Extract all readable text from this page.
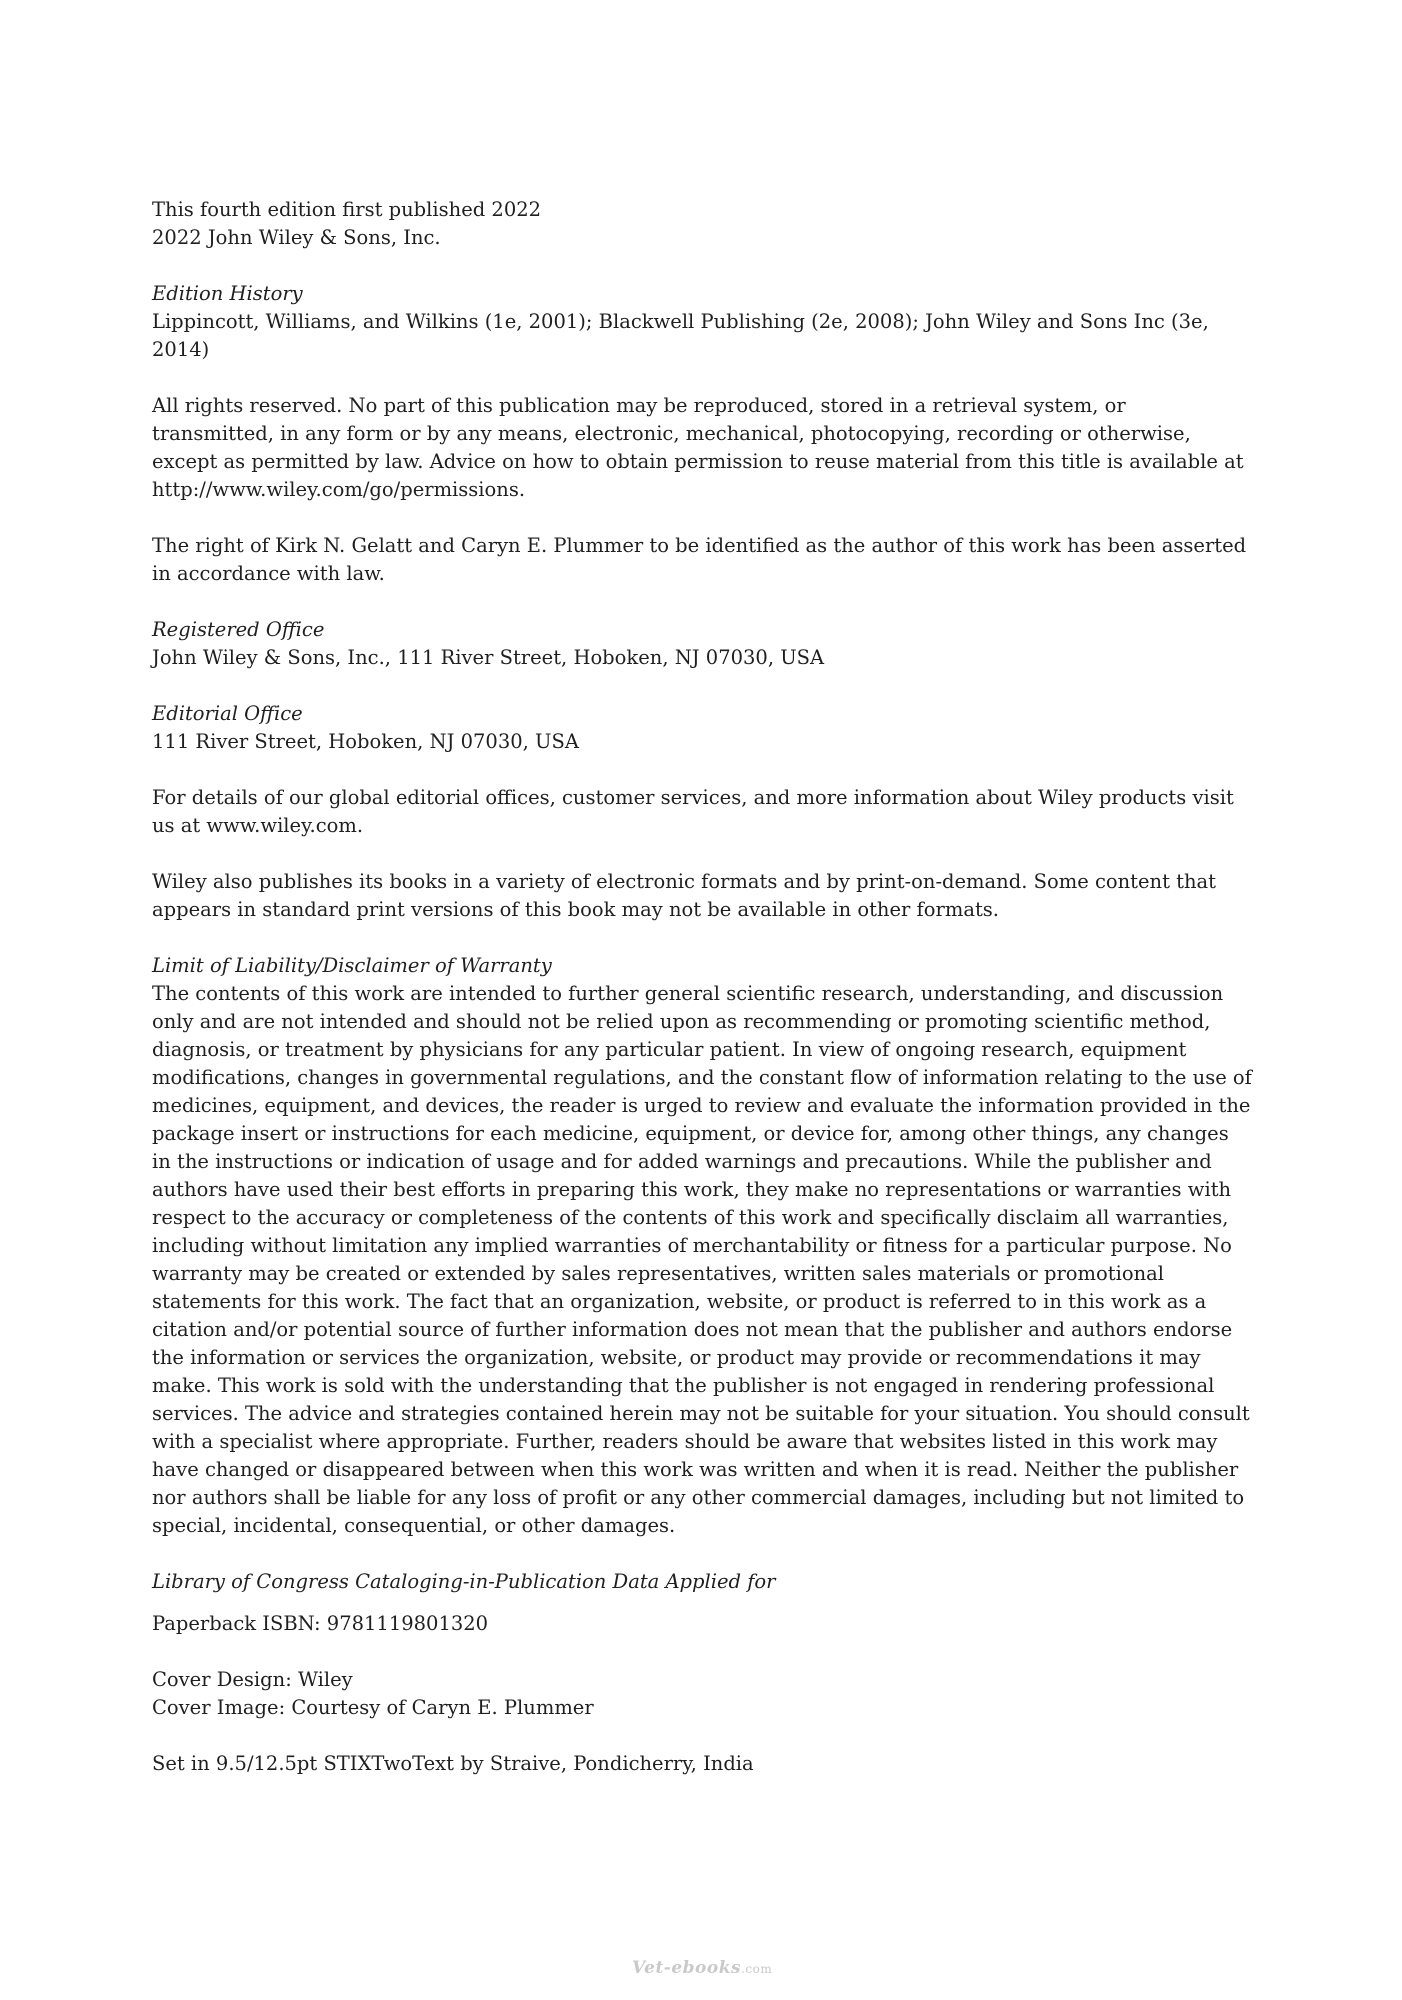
This fourth edition first published 2022

2022 John Wiley & Sons, Inc.

Edition History

Lippincott, Williams, and Wilkins (1e, 2001); Blackwell Publishing (2e, 2008); John Wiley and Sons Inc (3e, 2014)

All rights reserved. No part of this publication may be reproduced, stored in a retrieval system, or transmitted, in any form or by any means, electronic, mechanical, photocopying, recording or otherwise, except as permitted by law. Advice on how to obtain permission to reuse material from this title is available at http://www.wiley.com/go/permissions.

The right of Kirk N. Gelatt and Caryn E. Plummer to be identified as the author of this work has been asserted in accordance with law.

Registered Office

John Wiley & Sons, Inc., 111 River Street, Hoboken, NJ 07030, USA

Editorial Office

111 River Street, Hoboken, NJ 07030, USA

For details of our global editorial offices, customer services, and more information about Wiley products visit us at www.wiley.com.

Wiley also publishes its books in a variety of electronic formats and by print-on-demand. Some content that appears in standard print versions of this book may not be available in other formats.

Limit of Liability/Disclaimer of Warranty

The contents of this work are intended to further general scientific research, understanding, and discussion only and are not intended and should not be relied upon as recommending or promoting scientific method, diagnosis, or treatment by physicians for any particular patient. In view of ongoing research, equipment modifications, changes in governmental regulations, and the constant flow of information relating to the use of medicines, equipment, and devices, the reader is urged to review and evaluate the information provided in the package insert or instructions for each medicine, equipment, or device for, among other things, any changes in the instructions or indication of usage and for added warnings and precautions. While the publisher and authors have used their best efforts in preparing this work, they make no representations or warranties with respect to the accuracy or completeness of the contents of this work and specifically disclaim all warranties, including without limitation any implied warranties of merchantability or fitness for a particular purpose. No warranty may be created or extended by sales representatives, written sales materials or promotional statements for this work. The fact that an organization, website, or product is referred to in this work as a citation and/or potential source of further information does not mean that the publisher and authors endorse the information or services the organization, website, or product may provide or recommendations it may make. This work is sold with the understanding that the publisher is not engaged in rendering professional services. The advice and strategies contained herein may not be suitable for your situation. You should consult with a specialist where appropriate. Further, readers should be aware that websites listed in this work may have changed or disappeared between when this work was written and when it is read. Neither the publisher nor authors shall be liable for any loss of profit or any other commercial damages, including but not limited to special, incidental, consequential, or other damages.

Library of Congress Cataloging-in-Publication Data Applied for

Paperback ISBN: 9781119801320

Cover Design: Wiley

Cover Image: Courtesy of Caryn E. Plummer

Set in 9.5/12.5pt STIXTwoText by Straive, Pondicherry, India

Vet-ebooks.com
